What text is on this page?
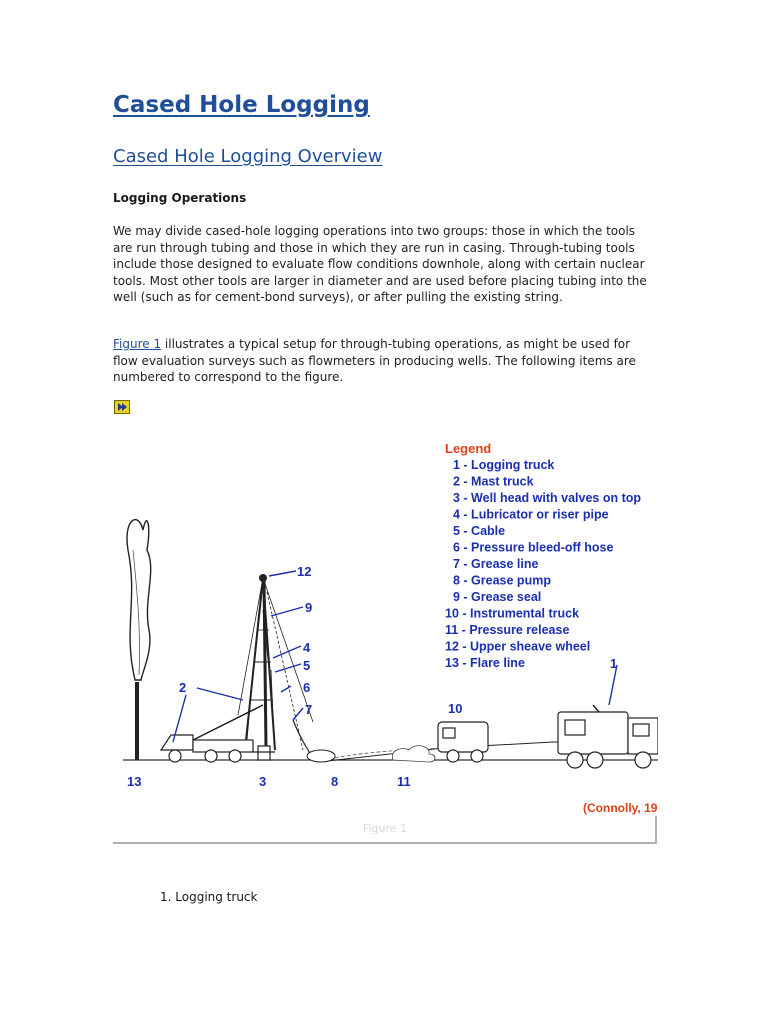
Cased Hole Logging
Cased Hole Logging Overview
Logging Operations

We may divide cased-hole logging operations into two groups: those in which the tools are run through tubing and those in which they are run in casing. Through-tubing tools include those designed to evaluate flow conditions downhole, along with certain nuclear tools. Most other tools are larger in diameter and are used before placing tubing into the well (such as for cement-bond surveys), or after pulling the existing string.

Figure 1 illustrates a typical setup for through-tubing operations, as might be used for flow evaluation surveys such as flowmeters in producing wells. The following items are numbered to correspond to the figure.

12
9
4
5
6
7
2
10
1
13	3	8	11
Legend
1 - Logging truck
2 - Mast truck
3 - Well head with valves on top
4 - Lubricator or riser pipe
5 - Cable
6 - Pressure bleed-off hose
7 - Grease line
8 - Grease pump
9 - Grease seal
10 - Instrumental truck
11 - Pressure release
12 - Upper sheave wheel
13 - Flare line
(Connolly, 19
Figure 1
1. Logging truck
